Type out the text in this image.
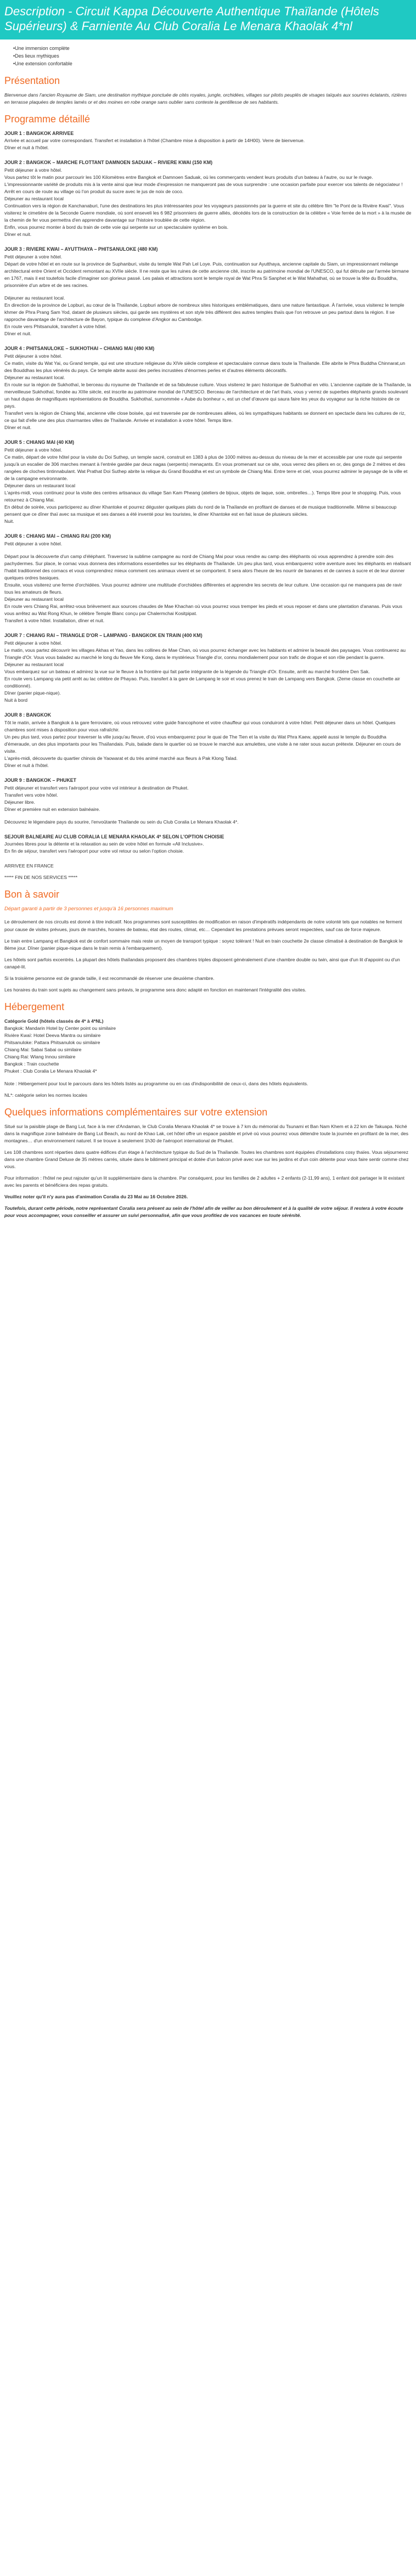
Description - Circuit Kappa Découverte Authentique Thaïlande (Hôtels Supérieurs) & Farniente Au Club Coralia Le Menara Khaolak 4*nl
• Une immersion complète
• Des lieux mythiques
• Une extension confortable
Présentation

Bienvenue dans l'ancien Royaume de Siam, une destination mythique ponctuée de cités royales, jungle, orchidées, villages sur pilotis peuplés de visages taïqués aux sourires éclatants, rizières en terrasse plaquées de temples lamés or et des moines en robe orange sans oublier sans conteste la gentillesse de ses habitants.

Programme détaillé
JOUR 1 : BANGKOK ARRIVEE
Arrivée et accueil par votre correspondant. Transfert et installation à l'hôtel (Chambre mise à disposition à partir de 14H00). Verre de bienvenue.
Dîner et nuit à l'hôtel.
JOUR 2 : BANGKOK – MARCHE FLOTTANT DAMNOEN SADUAK – RIVIERE KWAI (150 KM)
Petit déjeuner à votre hôtel.
Vous partez tôt le matin pour parcourir les 100 Kilomètres entre Bangkok et Damnoen Saduak, où les commerçants vendent leurs produits d'un bateau à l'autre, ou sur le rivage. L'impressionnante variété de produits mis à la vente ainsi que leur mode d'expression ne manqueront pas de vous surprendre : une occasion parfaite pour exercer vos talents de négociateur !
Arrêt en cours de route au village où l'on produit du sucre avec le jus de noix de coco.
Déjeuner au restaurant local
Continuation vers la région de Kanchanaburi, l'une des destinations les plus intéressantes pour les voyageurs passionnés par la guerre et site du célèbre film "le Pont de la Rivière Kwaï". Vous visiterez le cimetière de la Seconde Guerre mondiale, où sont enseveli les 6 982 prisonniers de guerre alliés, décédés lors de la construction de la célèbre « Voie ferrée de la mort » à la musée de la chemin de fer vous permettra d'en apprendre davantage sur l'histoire troublée de cette région.
Enfin, vous pourrez monter à bord du train de cette voie qui serpente sur un spectaculaire système en bois.
Dîner et nuit.
JOUR 3 : RIVIERE KWAI – AYUTTHAYA – PHITSANULOKE (480 KM)
Petit déjeuner à votre hôtel.
Départ de votre hôtel et en route sur la province de Suphanburi, visite du temple Wat Pah Lel Loye. Puis, continuation sur Ayutthaya, ancienne capitale du Siam, un impressionnant mélange architectural entre Orient et Occident remontant au XVIIe siècle. Il ne reste que les ruines de cette ancienne cité, inscrite au patrimoine mondial de l'UNESCO, qui fut détruite par l'armée birmane en 1767, mais il est toutefois facile d'imaginer son glorieux passé. Les palais et attractions sont le temple royal de Wat Phra Si Sanphet et le Wat Mahathat, où se trouve la tête du Bouddha, prisonnière d'un arbre et de ses racines.
Déjeuner au restaurant local.
En direction de la province de Lopburi, au cœur de la Thaïlande, Lopburi arbore de nombreux sites historiques emblématiques, dans une nature fantastique. À l'arrivée, vous visiterez le temple khmer de Phra Prang Sam Yod, datant de plusieurs siècles, qui garde ses mystères et son style très différent des autres temples thaïs que l'on retrouve un peu partout dans la région. Il se rapproche davantage de l'architecture de Bayon, typique du complexe d'Angkor au Cambodge.
En route vers Phitsanulok, transfert à votre hôtel.
Dîner et nuit.
JOUR 4 : PHITSANULOKE – SUKHOTHAI – CHIANG MAI (490 KM)
Petit déjeuner à votre hôtel.
Ce matin, visite du Wat Yai, ou Grand temple, qui est une structure religieuse du XIVe siècle complexe et spectaculaire connue dans toute la Thaïlande. Elle abrite le Phra Buddha Chinnarat,un des Bouddhas les plus vénérés du pays. Ce temple abrite aussi des perles incrustées d'énormes perles et d'autres éléments décoratifs.
Déjeuner au restaurant local.
En route sur la région de Sukhothaï, le berceau du royaume de Thaïlande et de sa fabuleuse culture. Vous visiterez le parc historique de Sukhothaï en vélo. L'ancienne capitale de la Thaïlande, la merveilleuse Sukhothaï, fondée au XIIIe siècle, est inscrite au patrimoine mondial de l'UNESCO. Berceau de l'architecture et de l'art thaïs, vous y verrez de superbes éléphants grands soulevant un haut dupas de magnifiques représentations de Bouddha. Sukhothaï, surnommée « Aube du bonheur », est un chef d'œuvre qui saura faire les yeux du voyageur sur la riche histoire de ce pays.
Transfert vers la région de Chiang Mai, ancienne ville close boisée, qui est traversée par de nombreuses allées, où les sympathiques habitants se donnent en spectacle dans les cultures de riz, ce qui fait d'elle une des plus charmantes villes de Thaïlande. Arrivée et installation à votre hôtel. Temps libre.
Dîner et nuit.
JOUR 5 : CHIANG MAI (40 KM)
Petit déjeuner à votre hôtel.
Ce matin, départ de votre hôtel pour la visite du Doi Suthep, un temple sacré, construit en 1383 à plus de 1000 mètres au-dessus du niveau de la mer et accessible par une route qui serpente jusqu'à un escalier de 306 marches menant à l'entrée gardée par deux nagas (serpents) menaçants. En vous promenant sur ce site, vous verrez des piliers en or, des gongs de 2 mètres et des rangées de cloches tintinnabulant. Wat Prathat Doi Suthep abrite la relique du Grand Bouddha et est un symbole de Chiang Mai. Entre terre et ciel, vous pourrez admirer le paysage de la ville et de la campagne environnante.
Déjeuner dans un restaurant local
L'après-midi, vous continuez pour la visite des centres artisanaux du village San Kam Pheang (ateliers de bijoux, objets de laque, soie, ombrelles…). Temps libre pour le shopping. Puis, vous retournez à Chiang Mai.
En début de soirée, vous participerez au dîner Khantoke et pourrez déguster quelques plats du nord de la Thaïlande en profitant de danses et de musique traditionnelle. Même si beaucoup pensent que ce dîner thaï avec sa musique et ses danses a été inventé pour les touristes, le dîner Khantoke est en fait issue de plusieurs siècles.
Nuit.
JOUR 6 : CHIANG MAI – CHIANG RAI (200 KM)
Petit déjeuner à votre hôtel.
Départ pour la découverte d'un camp d'éléphant. Traversez la sublime campagne au nord de Chiang Mai pour vous rendre au camp des éléphants où vous apprendrez à prendre soin des pachydermes. Sur place, le cornac vous donnera des informations essentielles sur les éléphants de Thaïlande. Un peu plus tard, vous embarquerez votre aventure avec les éléphants en réalisant l'habit traditionnel des cornacs et vous comprendrez mieux comment ces animaux vivent et se comportent. Il sera alors l'heure de les nourrir de bananes et de cannes à sucre et de leur donner quelques ordres basiques.
Ensuite, vous visiterez une ferme d'orchidées. Vous pourrez admirer une multitude d'orchidées différentes et apprendre les secrets de leur culture. Une occasion qui ne manquera pas de ravir tous les amateurs de fleurs.
Déjeuner au restaurant local
En route vers Chiang Rai, arrêtez-vous brièvement aux sources chaudes de Mae Khachan où vous pourrez vous tremper les pieds et vous reposer et dans une plantation d'ananas. Puis vous vous arrêtez au Wat Rong Khun, le célèbre Temple Blanc conçu par Chalermchai Kositpipat.
Transfert à votre hôtel. Installation, dîner et nuit.
JOUR 7 : CHIANG RAI – TRIANGLE D'OR – LAMPANG - BANGKOK EN TRAIN (400 KM)
Petit déjeuner à votre hôtel.
Le matin, vous partez découvrir les villages Akhas et Yao, dans les collines de Mae Chan, où vous pourrez échanger avec les habitants et admirer la beauté des paysages. Vous continuerez au Triangle d'Or. Vous vous baladez au marché le long du fleuve Me Kong, dans le mystérieux Triangle d'or, connu mondialement pour son trafic de drogue et son rôle pendant la guerre.
Déjeuner au restaurant local
Vous embarquez sur un bateau et admirez la vue sur le fleuve à la frontière qui fait partie intégrante de la légende du Triangle d'Or. Ensuite, arrêt au marché frontière Den Sak.
En route vers Lampang via petit arrêt au lac célèbre de Phayao. Puis, transfert à la gare de Lampang le soir et vous prenez le train de Lampang vers Bangkok. (2eme classe en couchette air conditionné).
Dîner (panier pique-nique).
Nuit à bord
JOUR 8 : BANGKOK
Tôt le matin, arrivée à Bangkok à la gare ferroviaire, où vous retrouvez votre guide francophone et votre chauffeur qui vous conduiront à votre hôtel. Petit déjeuner dans un hôtel. Quelques chambres sont mises à disposition pour vous rafraîchir.
Un peu plus tard, vous partez pour traverser la ville jusqu'au fleuve, d'où vous embarquerez pour le quai de The Tien et la visite du Wat Phra Kaew, appelé aussi le temple du Bouddha d'émeraude, un des plus importants pour les Thaïlandais. Puis, balade dans le quartier où se trouve le marché aux amulettes, une visite à ne rater sous aucun prétexte. Déjeuner en cours de visite.
L'après-midi, découverte du quartier chinois de Yaowarat et du très animé marché aux fleurs à Pak Klong Talad.
Dîner et nuit à l'hôtel.
JOUR 9 : BANGKOK – PHUKET
Petit déjeuner et transfert vers l'aéroport pour votre vol intérieur à destination de Phuket.
Transfert vers votre hôtel.
Déjeuner libre.
Dîner et première nuit en extension balnéaire.
Découvrez le légendaire pays du sourire, l'envoûtante Thaïlande ou sein du Club Coralia Le Menara Khaolak 4*.
SEJOUR BALNEAIRE AU CLUB CORALIA LE MENARA KHAOLAK 4* SELON L'OPTION CHOISIE
Journées libres pour la détente et la relaxation au sein de votre hôtel en formule «All Inclusive».
En fin de séjour, transfert vers l'aéroport pour votre vol retour ou selon l'option choisie.

ARRIVEE EN FRANCE

***** FIN DE NOS SERVICES *****

Bon à savoir
Départ garanti à partir de 3 personnes et jusqu'à 16 personnes maximum

Le déroulement de nos circuits est donné à titre indicatif. Nos programmes sont susceptibles de modification en raison d'impératifs indépendants de notre volonté tels que notables ne ferment pour cause de visites prévues, jours de marchés, horaires de bateau, état des routes, climat, etc… Cependant les prestations prévues seront respectées, sauf cas de force majeure.

Le train entre Lampang et Bangkok est de confort sommaire mais reste un moyen de transport typique : soyez tolérant ! Nuit en train couchette 2e classe climatisé à destination de Bangkok le 8ème jour. Dîner (panier pique-nique dans le train remis à l'embarquement).

Les hôtels sont parfois excentrés. La plupart des hôtels thaïlandais proposent des chambres triples disposent généralement d'une chambre double ou twin, ainsi que d'un lit d'appoint ou d'un canapé-lit.

Si la troisième personne est de grande taille, il est recommandé de réserver une deuxième chambre.

Les horaires du train sont sujets au changement sans préavis, le programme sera donc adapté en fonction en maintenant l'intégralité des visites.

Hébergement
Catégorie Gold (hôtels classés de 4* à 4*NL)
Bangkok: Mandarin Hotel by Center point ou similaire
Rivière Kwaï: Hotel Deeva Mantra ou similaire
Phitsanuloke: Pattara Phitsanulok ou similaire
Chiang Mai: Sabai Sabai ou similaire
Chiang Rai: Wiang Innou similaire
Bangkok : Train couchette
Phuket : Club Coralia Le Menara Khaolak 4*

Note : Hébergement pour tout le parcours dans les hôtels listés au programme ou en cas d'indisponibilité de ceux-ci, dans des hôtels équivalents.

NL*: catégorie selon les normes locales

Quelques informations complémentaires sur votre extension

Situé sur la paisible plage de Bang Lut, face à la mer d'Andaman, le Club Coralia Menara Khaolak 4* se trouve à 7 km du mémorial du Tsunami et Ban Nam Khem et à 22 km de Takuapa. Niché dans la magnifique zone balnéaire de Bang Lut Beach, au nord de Khao Lak, cet hôtel offre un espace paisible et privé où vous pourrez vous détendre toute la journée en profitant de la mer, des montagnes… d'un environnement naturel. Il se trouve à seulement 1h30 de l'aéroport international de Phuket.

Les 108 chambres sont réparties dans quatre édifices d'un étage à l'architecture typique du Sud de la Thaïlande. Toutes les chambres sont équipées d'installations cosy thaïes. Vous séjournerez dans une chambre Grand Deluxe de 35 mètres carrés, située dans le bâtiment principal et dotée d'un balcon privé avec vue sur les jardins et d'un coin détente pour vous faire sentir comme chez vous.

Pour information : l'hôtel ne peut rajouter qu'un lit supplémentaire dans la chambre. Par conséquent, pour les familles de 2 adultes + 2 enfants (2-11,99 ans), 1 enfant doit partager le lit existant avec les parents et bénéficiera des repas gratuits.

Veuillez noter qu'il n'y aura pas d'animation Coralia du 23 Mai au 16 Octobre 2026.

Toutefois, durant cette période, notre représentant Coralia sera présent au sein de l'hôtel afin de veiller au bon déroulement et à la qualité de votre séjour. Il restera à votre écoute pour vous accompagner, vous conseiller et assurer un suivi personnalisé, afin que vous profitiez de vos vacances en toute sérénité.
